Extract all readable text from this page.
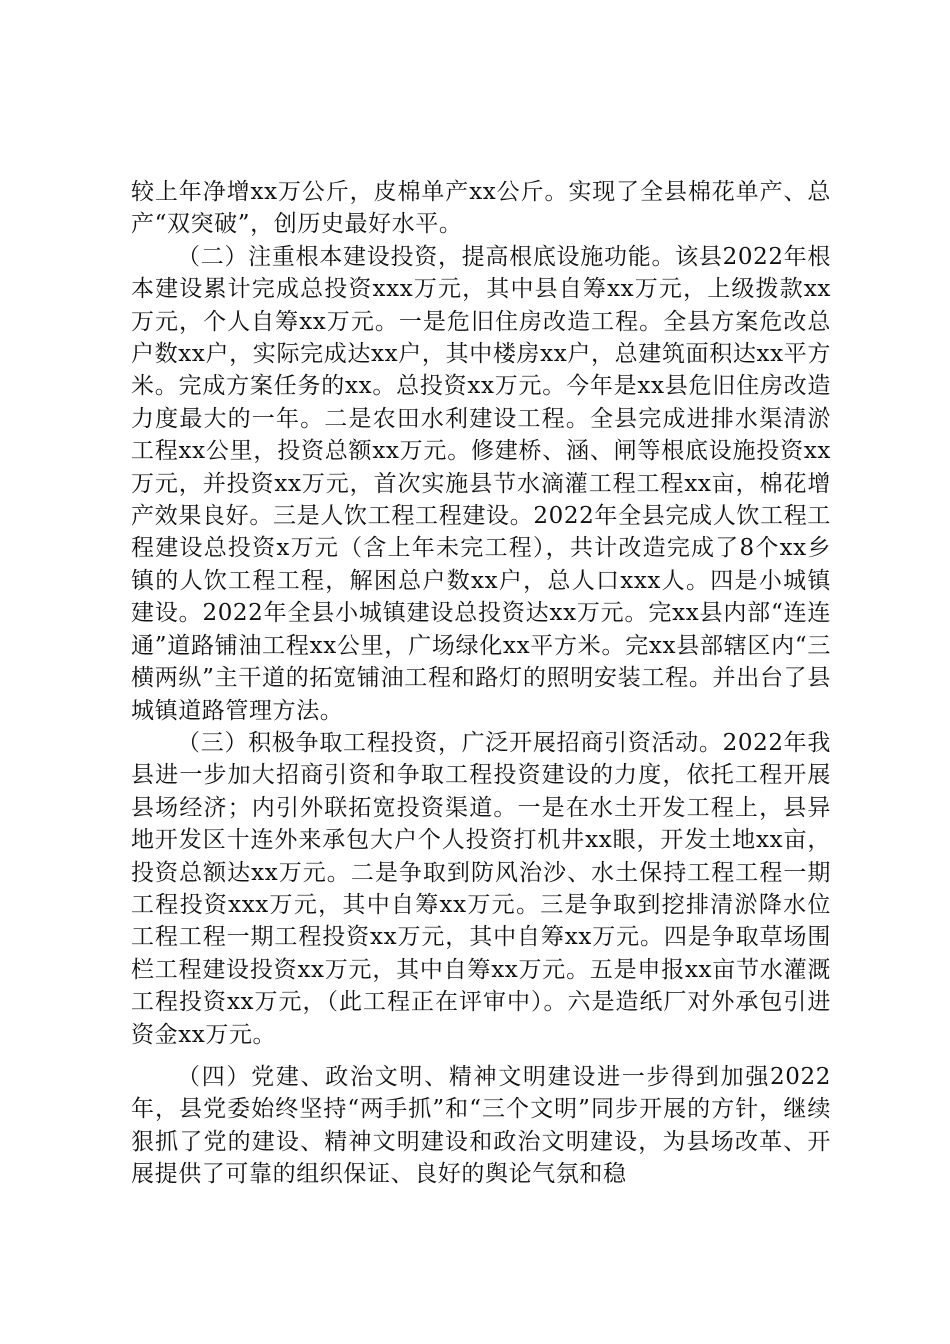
较上年净增xx万公斤，皮棉单产xx公斤。实现了全县棉花单产、总产“双突破”，创历史最好水平。

（二）注重根本建设投资，提高根底设施功能。该县2022年根本建设累计完成总投资xxx万元，其中县自筹xx万元，上级拨款xx万元，个人自筹xx万元。一是危旧住房改造工程。全县方案危改总户数xx户，实际完成达xx户，其中楼房xx户，总建筑面积达xx平方米。完成方案任务的xx。总投资xx万元。今年是xx县危旧住房改造力度最大的一年。二是农田水利建设工程。全县完成进排水渠清淤工程xx公里，投资总额xx万元。修建桥、涵、闸等根底设施投资xx万元，并投资xx万元，首次实施县节水滴灌工程工程xx亩，棉花增产效果良好。三是人饮工程工程建设。2022年全县完成人饮工程工程建设总投资x万元（含上年未完工程），共计改造完成了8个xx乡镇的人饮工程工程，解困总户数xx户，总人口xxx人。四是小城镇建设。2022年全县小城镇建设总投资达xx万元。完xx县内部“连连通”道路铺油工程xx公里，广场绿化xx平方米。完xx县部辖区内“三横两纵”主干道的拓宽铺油工程和路灯的照明安装工程。并出台了县城镇道路管理方法。

（三）积极争取工程投资，广泛开展招商引资活动。2022年我县进一步加大招商引资和争取工程投资建设的力度，依托工程开展县场经济；内引外联拓宽投资渠道。一是在水土开发工程上，县异地开发区十连外来承包大户个人投资打机井xx眼，开发土地xx亩，投资总额达xx万元。二是争取到防风治沙、水土保持工程工程一期工程投资xxx万元，其中自筹xx万元。三是争取到挖排清淤降水位工程工程一期工程投资xx万元，其中自筹xx万元。四是争取草场围栏工程建设投资xx万元，其中自筹xx万元。五是申报xx亩节水灌溉工程投资xx万元，（此工程正在评审中）。六是造纸厂对外承包引进资金xx万元。

（四）党建、政治文明、精神文明建设进一步得到加强2022年，县党委始终坚持“两手抓”和“三个文明”同步开展的方针，继续狠抓了党的建设、精神文明建设和政治文明建设，为县场改革、开展提供了可靠的组织保证、良好的舆论气氛和稳
